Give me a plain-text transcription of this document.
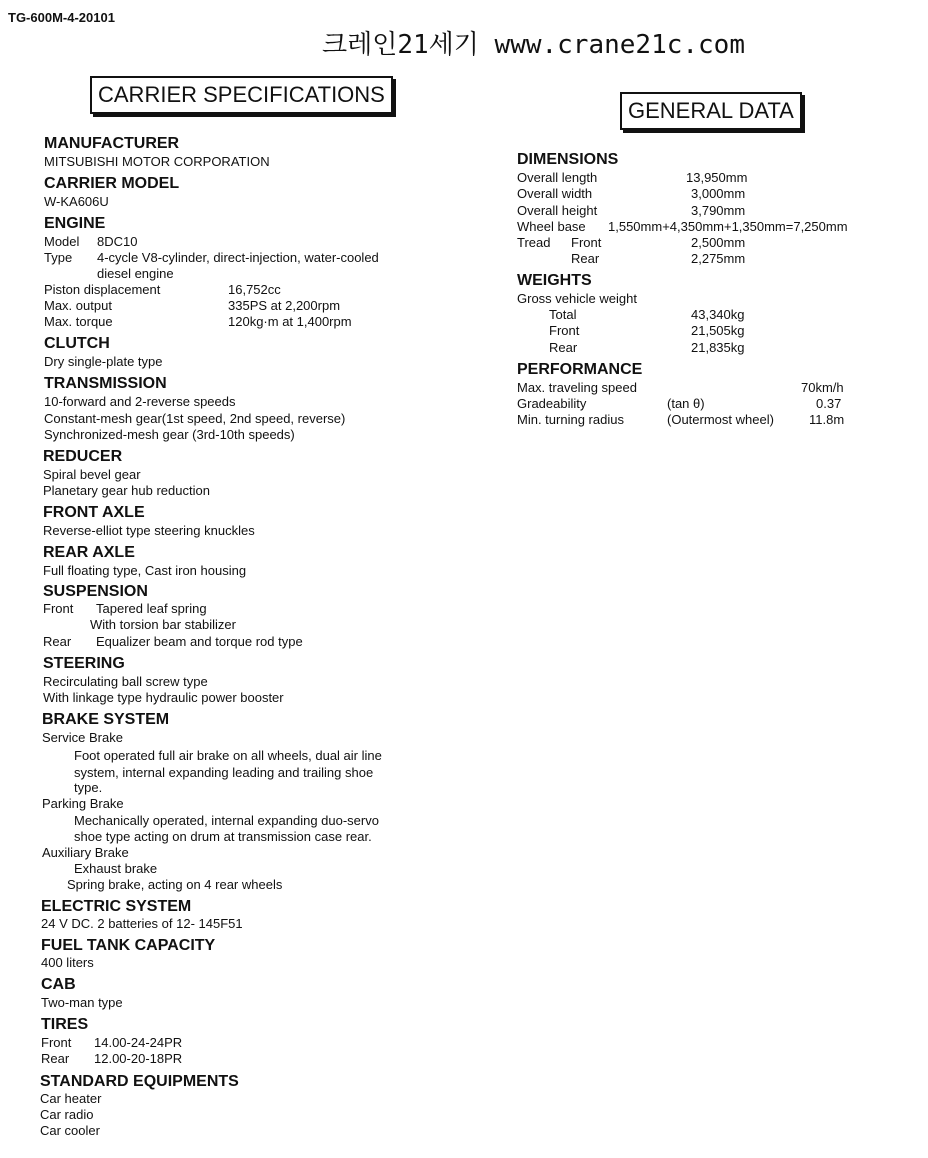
TG-600M-4-20101
크레인21세기 www.crane21c.com
CARRIER SPECIFICATIONS
MANUFACTURER
MITSUBISHI MOTOR CORPORATION
CARRIER MODEL
W-KA606U
ENGINE
Model 8DC10
Type 4-cycle V8-cylinder, direct-injection, water-cooled
diesel engine
Piston displacement	16,752cc
Max. output	335PS at 2,200rpm
Max. torque	120kg·m at 1,400rpm
CLUTCH
Dry single-plate type
TRANSMISSION
10-forward and 2-reverse speeds
Constant-mesh gear(1st speed, 2nd speed, reverse)
Synchronized-mesh gear (3rd-10th speeds)
REDUCER
Spiral bevel gear
Planetary gear hub reduction
FRONT AXLE
Reverse-elliot type steering knuckles
REAR AXLE
Full floating type, Cast iron housing
SUSPENSION
Front Tapered leaf spring
With torsion bar stabilizer
Rear Equalizer beam and torque rod type
STEERING
Recirculating ball screw type
With linkage type hydraulic power booster
BRAKE SYSTEM
Service Brake
Foot operated full air brake on all wheels, dual air line
system, internal expanding leading and trailing shoe
type.
Parking Brake
Mechanically operated, internal expanding duo-servo
shoe type acting on drum at transmission case rear.
Auxiliary Brake
Exhaust brake
Spring brake, acting on 4 rear wheels
ELECTRIC SYSTEM
24 V DC. 2 batteries of 12- 145F51
FUEL TANK CAPACITY
400 liters
CAB
Two-man type
TIRES
Front 14.00-24-24PR
Rear 12.00-20-18PR
STANDARD EQUIPMENTS
Car heater
Car radio
Car cooler
GENERAL DATA
DIMENSIONS
Overall length	13,950mm
Overall width	3,000mm
Overall height	3,790mm
Wheel base 1,550mm+4,350mm+1,350mm=7,250mm
Tread Front	2,500mm
Rear	2,275mm
WEIGHTS
Gross vehicle weight
Total	43,340kg
Front	21,505kg
Rear	21,835kg
PERFORMANCE
Max. traveling speed	70km/h
Gradeability	(tan θ)	0.37
Min. turning radius	(Outermost wheel)	11.8m
